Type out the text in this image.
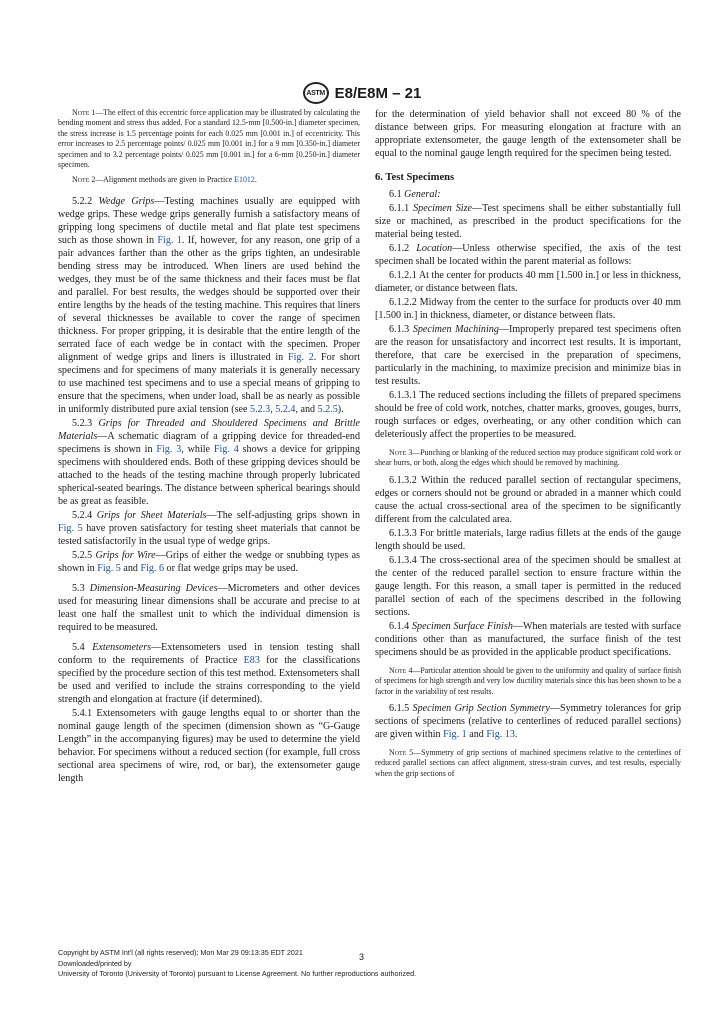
ASTM E8/E8M – 21

Note 1—The effect of this eccentric force application may be illustrated by calculating the bending moment and stress thus added. For a standard 12.5-mm [0.500-in.] diameter specimen, the stress increase is 1.5 percentage points for each 0.025 mm [0.001 in.] of eccentricity. This error increases to 2.5 percentage points/ 0.025 mm [0.001 in.] for a 9 mm [0.350-in.] diameter specimen and to 3.2 percentage points/ 0.025 mm [0.001 in.] for a 6-mm [0.250-in.] diameter specimen.

Note 2—Alignment methods are given in Practice E1012.

5.2.2 Wedge Grips—Testing machines usually are equipped with wedge grips. These wedge grips generally furnish a satisfactory means of gripping long specimens of ductile metal and flat plate test specimens such as those shown in Fig. 1. If, however, for any reason, one grip of a pair advances farther than the other as the grips tighten, an undesirable bending stress may be introduced. When liners are used behind the wedges, they must be of the same thickness and their faces must be flat and parallel. For best results, the wedges should be supported over their entire lengths by the heads of the testing machine. This requires that liners of several thicknesses be available to cover the range of specimen thickness. For proper gripping, it is desirable that the entire length of the serrated face of each wedge be in contact with the specimen. Proper alignment of wedge grips and liners is illustrated in Fig. 2. For short specimens and for specimens of many materials it is generally necessary to use machined test specimens and to use a special means of gripping to ensure that the specimens, when under load, shall be as nearly as possible in uniformly distributed pure axial tension (see 5.2.3, 5.2.4, and 5.2.5).

5.2.3 Grips for Threaded and Shouldered Specimens and Brittle Materials—A schematic diagram of a gripping device for threaded-end specimens is shown in Fig. 3, while Fig. 4 shows a device for gripping specimens with shouldered ends. Both of these gripping devices should be attached to the heads of the testing machine through properly lubricated spherical-seated bearings. The distance between spherical bearings should be as great as feasible.

5.2.4 Grips for Sheet Materials—The self-adjusting grips shown in Fig. 5 have proven satisfactory for testing sheet materials that cannot be tested satisfactorily in the usual type of wedge grips.

5.2.5 Grips for Wire—Grips of either the wedge or snubbing types as shown in Fig. 5 and Fig. 6 or flat wedge grips may be used.

5.3 Dimension-Measuring Devices—Micrometers and other devices used for measuring linear dimensions shall be accurate and precise to at least one half the smallest unit to which the individual dimension is required to be measured.

5.4 Extensometers—Extensometers used in tension testing shall conform to the requirements of Practice E83 for the classifications specified by the procedure section of this test method. Extensometers shall be used and verified to include the strains corresponding to the yield strength and elongation at fracture (if determined).

5.4.1 Extensometers with gauge lengths equal to or shorter than the nominal gauge length of the specimen (dimension shown as “G-Gauge Length” in the accompanying figures) may be used to determine the yield behavior. For specimens without a reduced section (for example, full cross sectional area specimens of wire, rod, or bar), the extensometer gauge length

for the determination of yield behavior shall not exceed 80 % of the distance between grips. For measuring elongation at fracture with an appropriate extensometer, the gauge length of the extensometer shall be equal to the nominal gauge length required for the specimen being tested.

6. Test Specimens

6.1 General:

6.1.1 Specimen Size—Test specimens shall be either substantially full size or machined, as prescribed in the product specifications for the material being tested.

6.1.2 Location—Unless otherwise specified, the axis of the test specimen shall be located within the parent material as follows:

6.1.2.1 At the center for products 40 mm [1.500 in.] or less in thickness, diameter, or distance between flats.

6.1.2.2 Midway from the center to the surface for products over 40 mm [1.500 in.] in thickness, diameter, or distance between flats.

6.1.3 Specimen Machining—Improperly prepared test specimens often are the reason for unsatisfactory and incorrect test results. It is important, therefore, that care be exercised in the preparation of specimens, particularly in the machining, to maximize precision and minimize bias in test results.

6.1.3.1 The reduced sections including the fillets of prepared specimens should be free of cold work, notches, chatter marks, grooves, gouges, burrs, rough surfaces or edges, overheating, or any other condition which can deleteriously affect the properties to be measured.

Note 3—Punching or blanking of the reduced section may produce significant cold work or shear burrs, or both, along the edges which should be removed by machining.

6.1.3.2 Within the reduced parallel section of rectangular specimens, edges or corners should not be ground or abraded in a manner which could cause the actual cross-sectional area of the specimen to be significantly different from the calculated area.

6.1.3.3 For brittle materials, large radius fillets at the ends of the gauge length should be used.

6.1.3.4 The cross-sectional area of the specimen should be smallest at the center of the reduced parallel section to ensure fracture within the gauge length. For this reason, a small taper is permitted in the reduced parallel section of each of the specimens described in the following sections.

6.1.4 Specimen Surface Finish—When materials are tested with surface conditions other than as manufactured, the surface finish of the test specimens should be as provided in the applicable product specifications.

Note 4—Particular attention should be given to the uniformity and quality of surface finish of specimens for high strength and very low ductility materials since this has been shown to be a factor in the variability of test results.

6.1.5 Specimen Grip Section Symmetry—Symmetry tolerances for grip sections of specimens (relative to centerlines of reduced parallel sections) are given within Fig. 1 and Fig. 13.

Note 5—Symmetry of grip sections of machined specimens relative to the centerlines of reduced parallel sections can affect alignment, stress-strain curves, and test results, especially when the grip sections of

Copyright by ASTM Int'l (all rights reserved); Mon Mar 29 09:13:35 EDT 2021
Downloaded/printed by
University of Toronto (University of Toronto) pursuant to License Agreement. No further reproductions authorized.
3
